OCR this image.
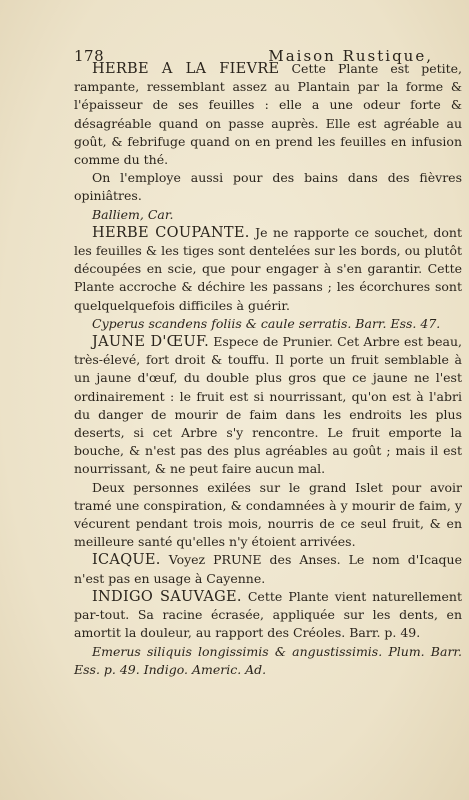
178	Maison Rustique,

HERBE A LA FIEVRE Cette Plante est petite, rampante, ressemblant assez au Plantain par la forme & l'épaisseur de ses feuilles : elle a une odeur forte & désagréable quand on passe auprès. Elle est agréable au goût, & febrifuge quand on en prend les feuilles en infusion comme du thé.

On l'employe aussi pour des bains dans des fièvres opiniâtres.

Balliem, Car.

HERBE COUPANTE. Je ne rapporte ce souchet, dont les feuilles & les tiges sont dentelées sur les bords, ou plutôt découpées en scie, que pour engager à s'en garantir. Cette Plante accroche & déchire les passans ; les écorchures sont quelquelquefois difficiles à guérir.

Cyperus scandens foliis & caule serratis. Barr. Ess. 47.

JAUNE D'ŒUF. Espece de Prunier. Cet Arbre est beau, très-élevé, fort droit & touffu. Il porte un fruit semblable à un jaune d'œuf, du double plus gros que ce jaune ne l'est ordinairement : le fruit est si nourrissant, qu'on est à l'abri du danger de mourir de faim dans les endroits les plus deserts, si cet Arbre s'y rencontre. Le fruit emporte la bouche, & n'est pas des plus agréables au goût ; mais il est nourrissant, & ne peut faire aucun mal.

Deux personnes exilées sur le grand Islet pour avoir tramé une conspiration, & condamnées à y mourir de faim, y vécurent pendant trois mois, nourris de ce seul fruit, & en meilleure santé qu'elles n'y étoient arrivées.

ICAQUE. Voyez PRUNE des Anses. Le nom d'Icaque n'est pas en usage à Cayenne.

INDIGO SAUVAGE. Cette Plante vient naturellement par-tout. Sa racine écrasée, appliquée sur les dents, en amortit la douleur, au rapport des Créoles. Barr. p. 49.

Emerus siliquis longissimis & angustissimis. Plum. Barr. Ess. p. 49. Indigo. Americ. Ad.
